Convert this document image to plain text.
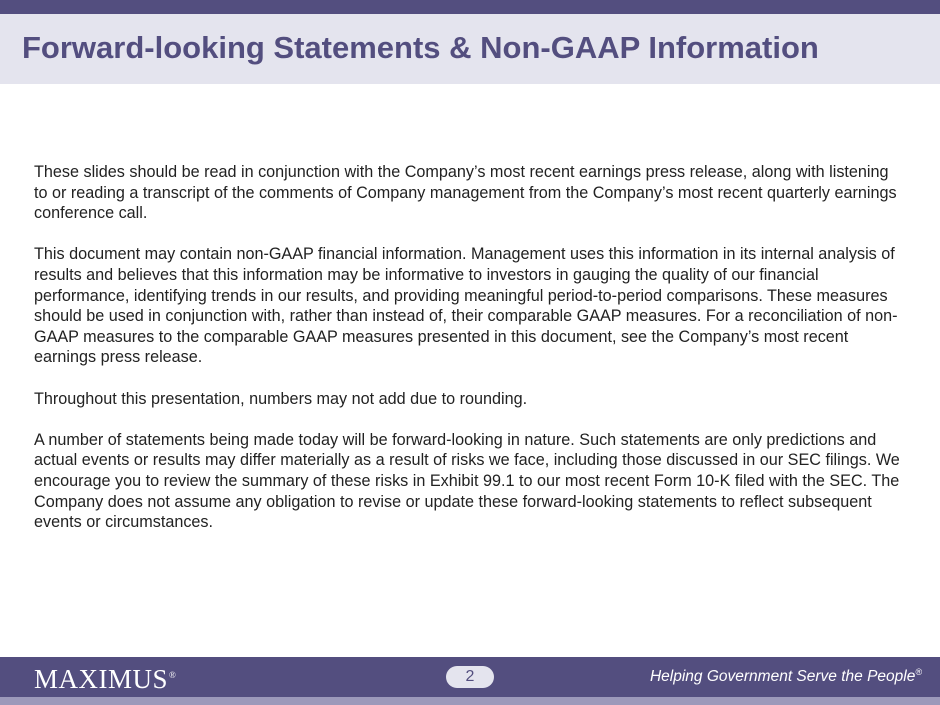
Forward-looking Statements & Non-GAAP Information

These slides should be read in conjunction with the Company’s most recent earnings press release, along with listening to or reading a transcript of the comments of Company management from the Company’s most recent quarterly earnings conference call.

This document may contain non-GAAP financial information. Management uses this information in its internal analysis of results and believes that this information may be informative to investors in gauging the quality of our financial performance, identifying trends in our results, and providing meaningful period-to-period comparisons. These measures should be used in conjunction with, rather than instead of, their comparable GAAP measures. For a reconciliation of non-GAAP measures to the comparable GAAP measures presented in this document, see the Company’s most recent earnings press release.

Throughout this presentation, numbers may not add due to rounding.

A number of statements being made today will be forward-looking in nature. Such statements are only predictions and actual events or results may differ materially as a result of risks we face, including those discussed in our SEC filings. We encourage you to review the summary of these risks in Exhibit 99.1 to our most recent Form 10-K filed with the SEC. The Company does not assume any obligation to revise or update these forward-looking statements to reflect subsequent events or circumstances.

MAXIMUS®	2	Helping Government Serve the People®
